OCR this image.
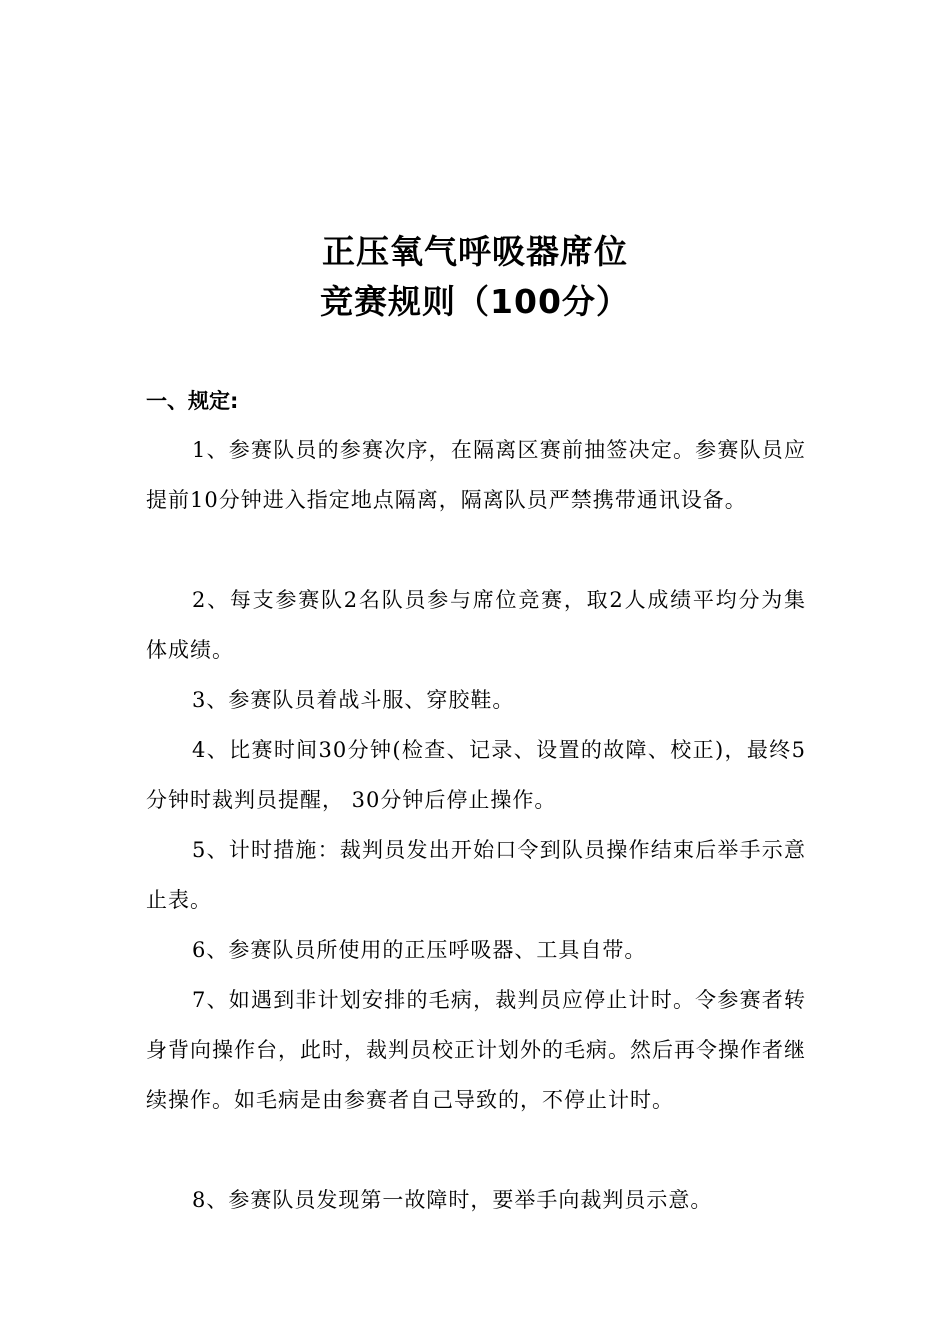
正压氧气呼吸器席位
竞赛规则（100分）
一、规定:

1、参赛队员的参赛次序，在隔离区赛前抽签决定。参赛队员应提前10分钟进入指定地点隔离，隔离队员严禁携带通讯设备。

2、每支参赛队2名队员参与席位竞赛，取2人成绩平均分为集体成绩。

3、参赛队员着战斗服、穿胶鞋。

4、比赛时间30分钟(检查、记录、设置的故障、校正)，最终5分钟时裁判员提醒， 30分钟后停止操作。

5、计时措施：裁判员发出开始口令到队员操作结束后举手示意止表。

6、参赛队员所使用的正压呼吸器、工具自带。

7、如遇到非计划安排的毛病，裁判员应停止计时。令参赛者转身背向操作台，此时，裁判员校正计划外的毛病。然后再令操作者继续操作。如毛病是由参赛者自己导致的，不停止计时。

8、参赛队员发现第一故障时，要举手向裁判员示意。
